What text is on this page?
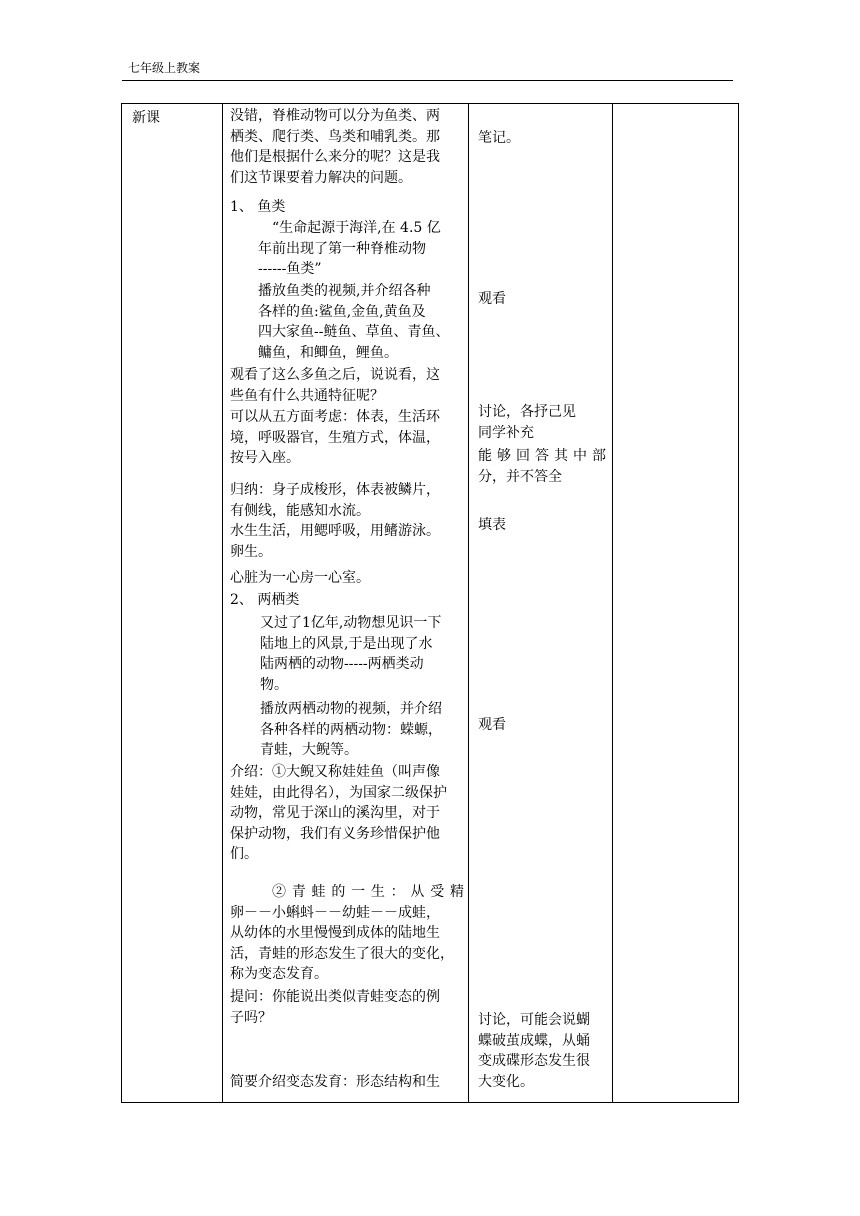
七年级上教案
新课	没错，脊椎动物可以分为鱼类、两

栖类、爬行类、鸟类和哺乳类。那

他们是根据什么来分的呢？这是我

们这节课要着力解决的问题。

1、 鱼类

“生命起源于海洋,在 4.5 亿

年前出现了第一种脊椎动物

------鱼类”

播放鱼类的视频,并介绍各种

各样的鱼:鲨鱼,金鱼,黄鱼及

四大家鱼--鲢鱼、草鱼、青鱼、

鳙鱼，和鲫鱼，鲤鱼。

观看了这么多鱼之后，说说看，这

些鱼有什么共通特征呢？

可以从五方面考虑：体表，生活环

境，呼吸器官，生殖方式，体温，

按号入座。

归纳：身子成梭形，体表被鳞片，

有侧线，能感知水流。

水生生活，用鳃呼吸，用鳍游泳。

卵生。

心脏为一心房一心室。

2、 两栖类

又过了1亿年,动物想见识一下

陆地上的风景,于是出现了水

陆两栖的动物-----两栖类动

物。

播放两栖动物的视频，并介绍

各种各样的两栖动物：蝾螈，

青蛙，大鲵等。

介绍：①大鲵又称娃娃鱼（叫声像

娃娃，由此得名），为国家二级保护

动物，常见于深山的溪沟里，对于

保护动物，我们有义务珍惜保护他

们。

② 青 蛙 的 一 生 ： 从 受 精

卵－－小蝌蚪－－幼蛙－－成蛙，

从幼体的水里慢慢到成体的陆地生

活，青蛙的形态发生了很大的变化，

称为变态发育。

提问：你能说出类似青蛙变态的例

子吗？

简要介绍变态发育：形态结构和生

笔记。

观看

讨论，各抒己见

同学补充

能 够 回 答 其 中 部

分，并不答全

填表

观看

讨论，可能会说蝴

蝶破茧成蝶，从蛹

变成碟形态发生很

大变化。
